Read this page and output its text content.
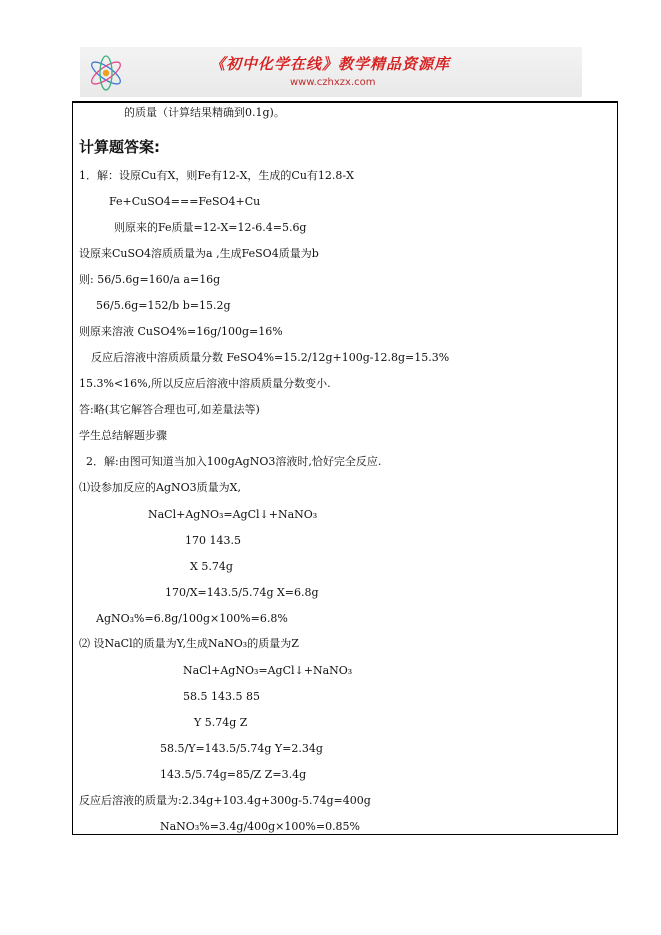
《初中化学在线》教学精品资源库
www.czhxzx.com
的质量（计算结果精确到0.1g)。
计算题答案:
1．解：设原Cu有X，则Fe有12-X，生成的Cu有12.8-X
Fe+CuSO4===FeSO4+Cu
则原来的Fe质量=12-X=12-6.4=5.6g
设原来CuSO4溶质质量为a ,生成FeSO4质量为b
则: 56/5.6g=160/a a=16g
56/5.6g=152/b b=15.2g
则原来溶液 CuSO4%=16g/100g=16%
反应后溶液中溶质质量分数 FeSO4%=15.2/12g+100g-12.8g=15.3%
15.3%<16%,所以反应后溶液中溶质质量分数变小.
答:略(其它解答合理也可,如差量法等)
学生总结解题步骤
2．解:由图可知道当加入100gAgNO3溶液时,恰好完全反应.
⑴设参加反应的AgNO3质量为X,
NaCl+AgNO₃=AgCl↓+NaNO₃
170 143.5
X 5.74g
170/X=143.5/5.74g X=6.8g
AgNO₃%=6.8g/100g×100%=6.8%
⑵ 设NaCl的质量为Y,生成NaNO₃的质量为Z
NaCl+AgNO₃=AgCl↓+NaNO₃
58.5 143.5 85
Y 5.74g Z
58.5/Y=143.5/5.74g Y=2.34g
143.5/5.74g=85/Z Z=3.4g
反应后溶液的质量为:2.34g+103.4g+300g-5.74g=400g
NaNO₃%=3.4g/400g×100%=0.85%
